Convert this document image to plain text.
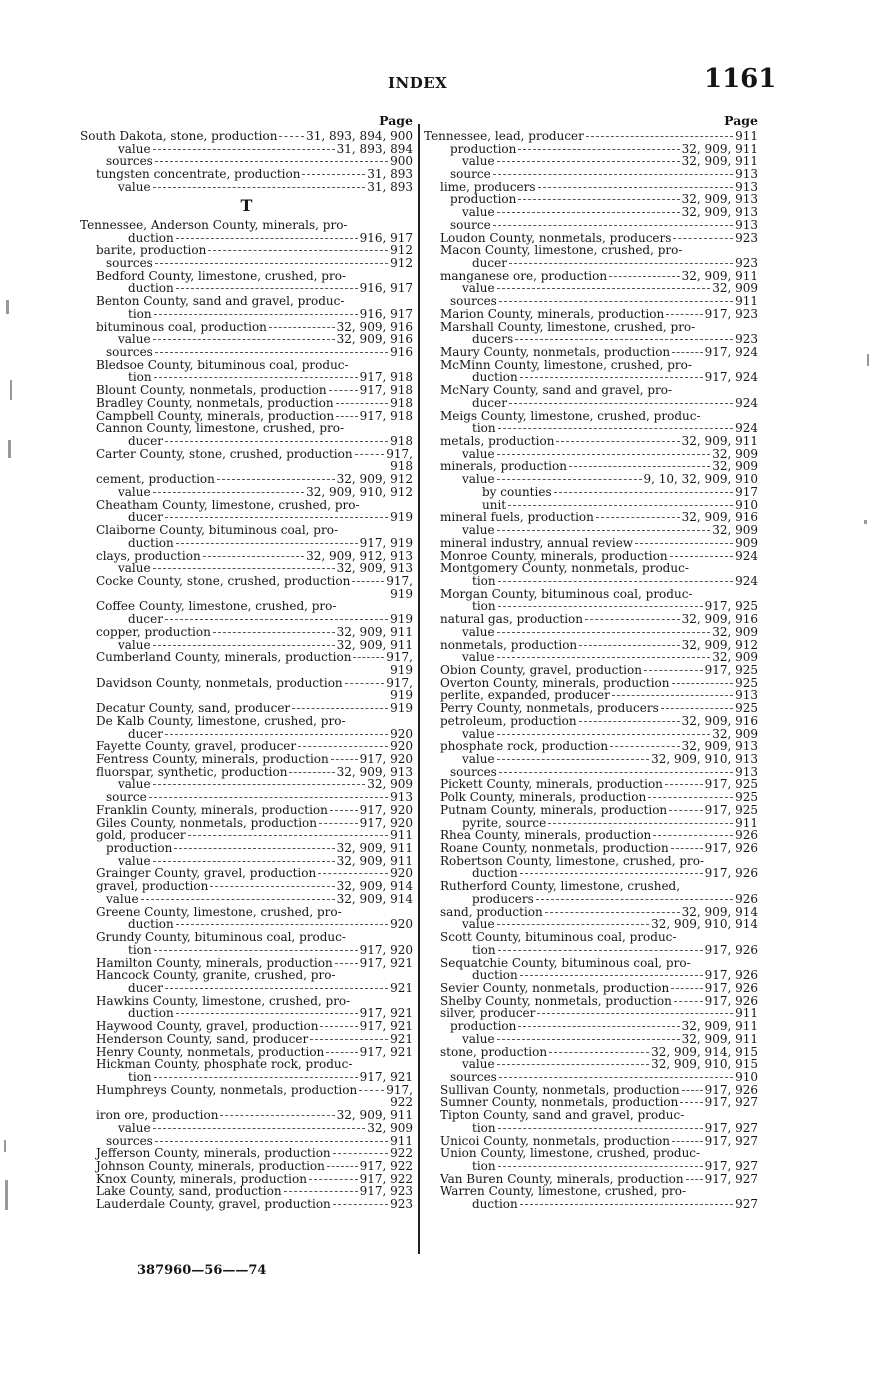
INDEX	1161
Page
South Dakota, stone, production 31, 893, 894, 900
value	31, 893, 894
sources	900
tungsten concentrate, production	31, 893
value	31, 893
T
Tennessee, Anderson County, minerals, pro-
duction	916, 917
barite, production	912
sources	912
Bedford County, limestone, crushed, pro-
duction	916, 917
Benton County, sand and gravel, produc-
tion	916, 917
bituminous coal, production	32, 909, 916
value	32, 909, 916
sources	916
Bledsoe County, bituminous coal, produc-
tion	917, 918
Blount County, nonmetals, production	917, 918
Bradley County, nonmetals, production	918
Campbell County, minerals, production 917, 918
Cannon County, limestone, crushed, pro-
ducer	918
Carter County, stone, crushed, production	917,
918
cement, production	32, 909, 912
value	32, 909, 910, 912
Cheatham County, limestone, crushed, pro-
ducer	919
Claiborne County, bituminous coal, pro-
duction	917, 919
clays, production	32, 909, 912, 913
value	32, 909, 913
Cocke County, stone, crushed, production	917,
919
Coffee County, limestone, crushed, pro-
ducer	919
copper, production	32, 909, 911
value	32, 909, 911
Cumberland County, minerals, production	917,
919
Davidson County, nonmetals, production	917,
919
Decatur County, sand, producer	919
De Kalb County, limestone, crushed, pro-
ducer	920
Fayette County, gravel, producer	920
Fentress County, minerals, production	917, 920
fluorspar, synthetic, production	32, 909, 913
value	32, 909
source	913
Franklin County, minerals, production	917, 920
Giles County, nonmetals, production	917, 920
gold, producer	911
production	32, 909, 911
value	32, 909, 911
Grainger County, gravel, production	920
gravel, production	32, 909, 914
value	32, 909, 914
Greene County, limestone, crushed, pro-
duction	920
Grundy County, bituminous coal, produc-
tion	917, 920
Hamilton County, minerals, production 917, 921
Hancock County, granite, crushed, pro-
ducer	921
Hawkins County, limestone, crushed, pro-
duction	917, 921
Haywood County, gravel, production	917, 921
Henderson County, sand, producer	921
Henry County, nonmetals, production	917, 921
Hickman County, phosphate rock, produc-
tion	917, 921
Humphreys County, nonmetals, production 917,
922
iron ore, production	32, 909, 911
value	32, 909
sources	911
Jefferson County, minerals, production	922
Johnson County, minerals, production	917, 922
Knox County, minerals, production	917, 922
Lake County, sand, production	917, 923
Lauderdale County, gravel, production	923
Page
Tennessee, lead, producer	911
production	32, 909, 911
value	32, 909, 911
source	913
lime, producers	913
production	32, 909, 913
value	32, 909, 913
source	913
Loudon County, nonmetals, producers	923
Macon County, limestone, crushed, pro-
ducer	923
manganese ore, production	32, 909, 911
value	32, 909
sources	911
Marion County, minerals, production	917, 923
Marshall County, limestone, crushed, pro-
ducers	923
Maury County, nonmetals, production	917, 924
McMinn County, limestone, crushed, pro-
duction	917, 924
McNary County, sand and gravel, pro-
ducer	924
Meigs County, limestone, crushed, produc-
tion	924
metals, production	32, 909, 911
value	32, 909
minerals, production	32, 909
value	9, 10, 32, 909, 910
by counties	917
unit	910
mineral fuels, production	32, 909, 916
value	32, 909
mineral industry, annual review	909
Monroe County, minerals, production	924
Montgomery County, nonmetals, produc-
tion	924
Morgan County, bituminous coal, produc-
tion	917, 925
natural gas, production	32, 909, 916
value	32, 909
nonmetals, production	32, 909, 912
value	32, 909
Obion County, gravel, production	917, 925
Overton County, minerals, production	925
perlite, expanded, producer	913
Perry County, nonmetals, producers	925
petroleum, production	32, 909, 916
value	32, 909
phosphate rock, production	32, 909, 913
value	32, 909, 910, 913
sources	913
Pickett County, minerals, production	917, 925
Polk County, minerals, production	925
Putnam County, minerals, production	917, 925
pyrite, source	911
Rhea County, minerals, production	926
Roane County, nonmetals, production	917, 926
Robertson County, limestone, crushed, pro-
duction	917, 926
Rutherford County, limestone, crushed,
producers	926
sand, production	32, 909, 914
value	32, 909, 910, 914
Scott County, bituminous coal, produc-
tion	917, 926
Sequatchie County, bituminous coal, pro-
duction	917, 926
Sevier County, nonmetals, production	917, 926
Shelby County, nonmetals, production	917, 926
silver, producer	911
production	32, 909, 911
value	32, 909, 911
stone, production	32, 909, 914, 915
value	32, 909, 910, 915
sources	910
Sullivan County, nonmetals, production 917, 926
Sumner County, nonmetals, production 917, 927
Tipton County, sand and gravel, produc-
tion	917, 927
Unicoi County, nonmetals, production	917, 927
Union County, limestone, crushed, produc-
tion	917, 927
Van Buren County, minerals, production 917, 927
Warren County, limestone, crushed, pro-
duction	927
387960—56——74
